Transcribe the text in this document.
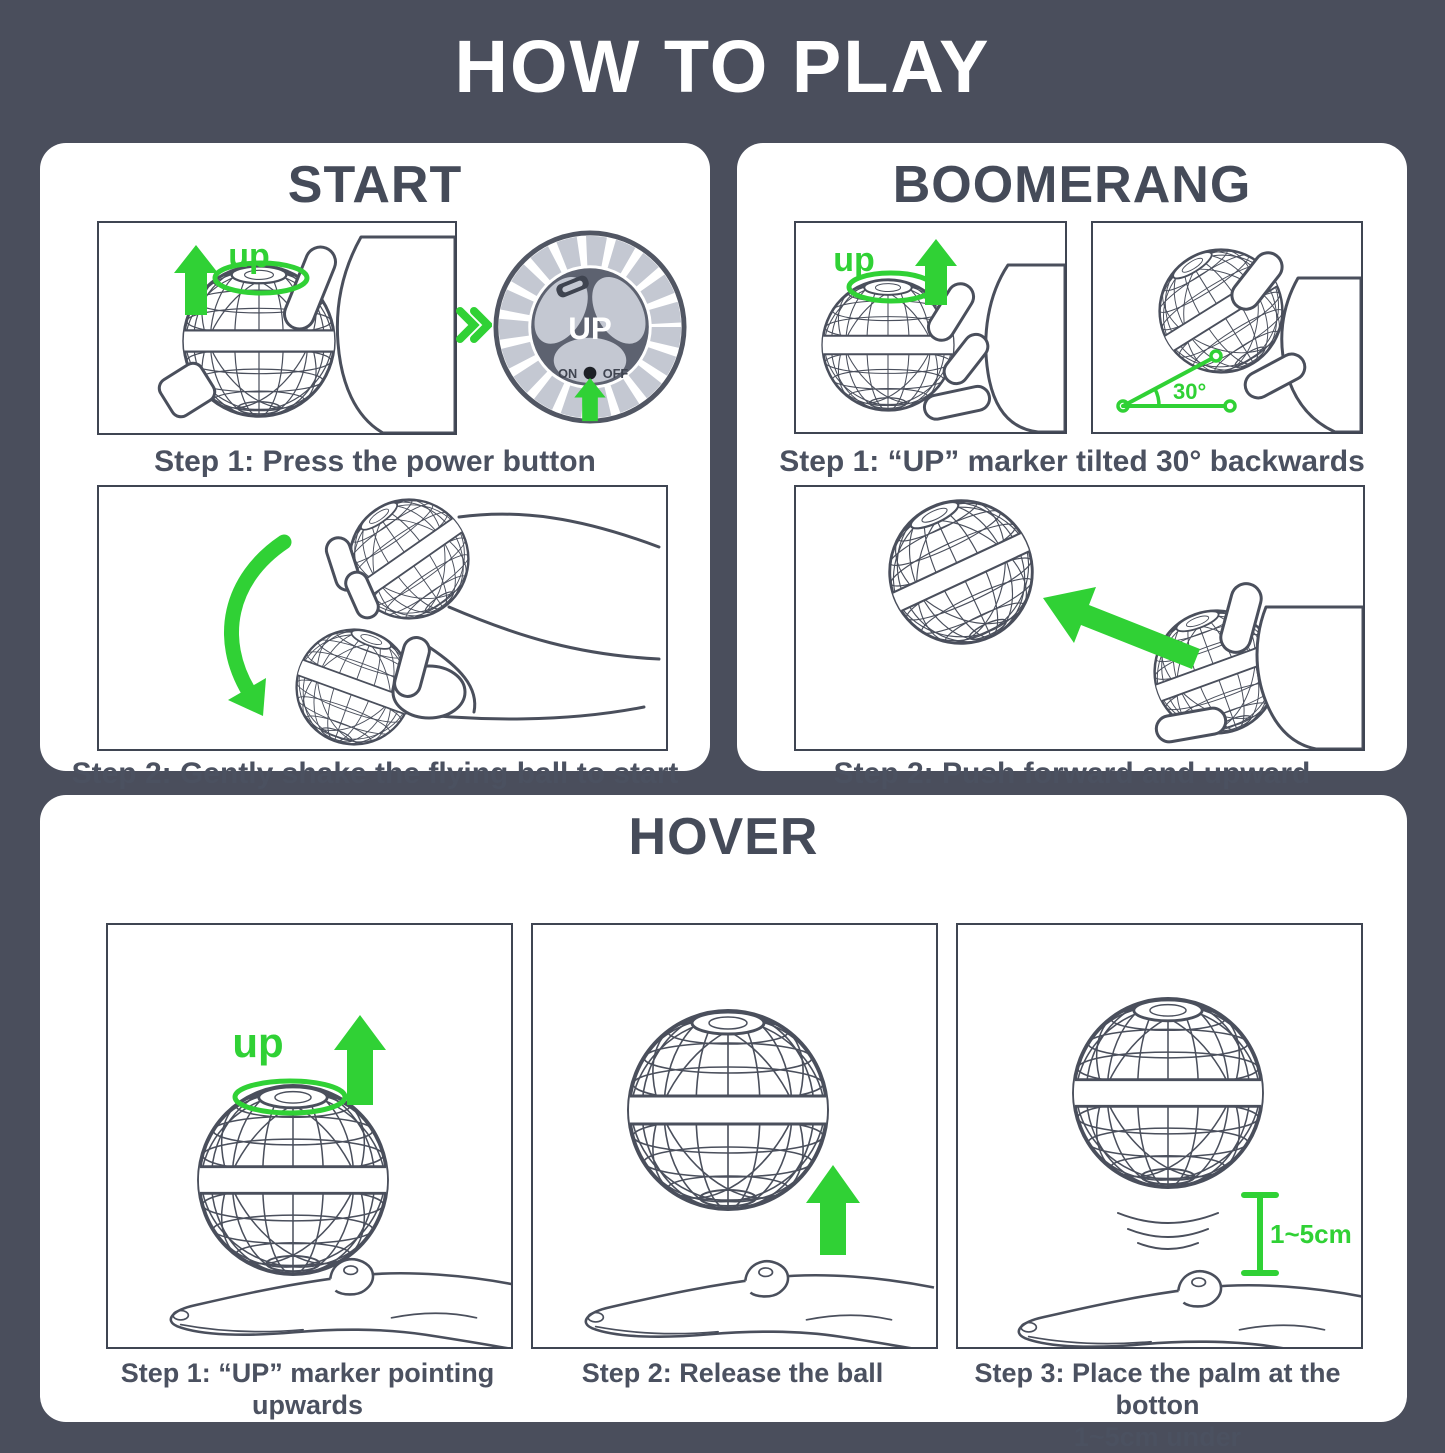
HOW TO PLAY
START
up
UP
ON OFF
Step 1: Press the power button
Step 2: Gently shake the flying ball to start
BOOMERANG
up
30°
Step 1: “UP” marker tilted 30° backwards
Step 2: Push forward and upward
HOVER
up
1~5cm
Step 1: “UP” marker pointing upwards
Step 2: Release the ball	Step 3: Place the palm at the botton
1~5cm under
